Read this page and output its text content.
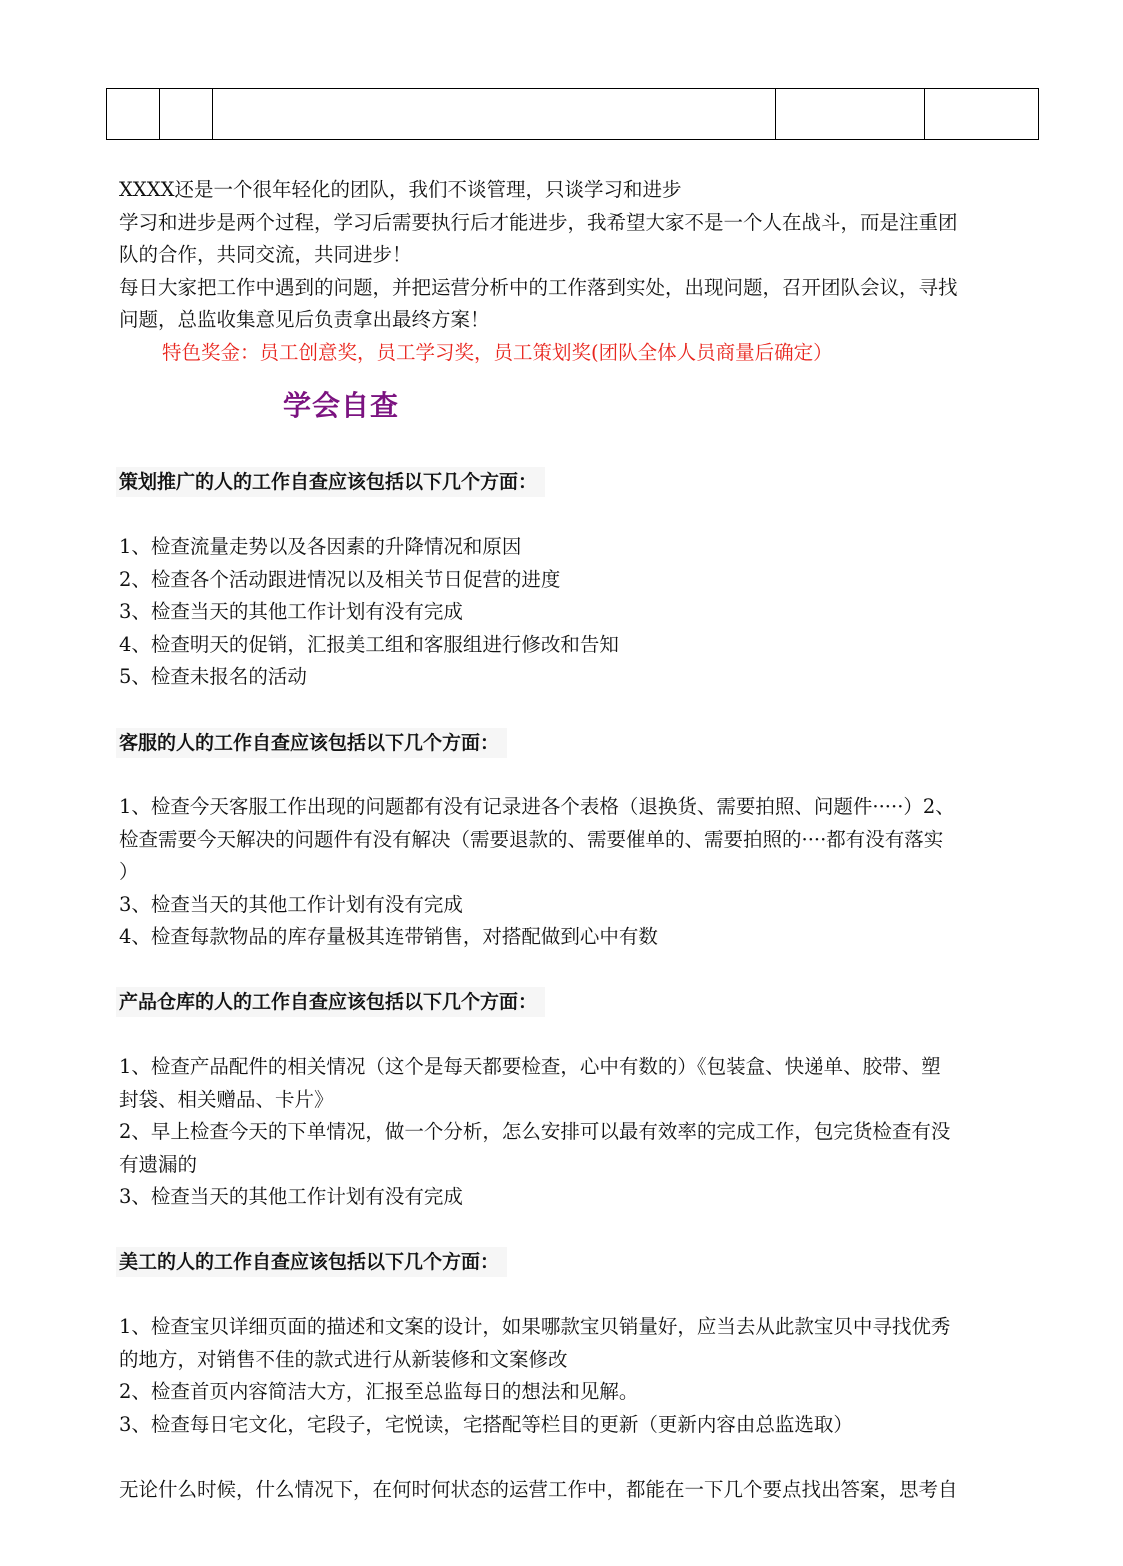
XXXX还是一个很年轻化的团队，我们不谈管理，只谈学习和进步
学习和进步是两个过程，学习后需要执行后才能进步，我希望大家不是一个人在战斗，而是注重团
队的合作，共同交流，共同进步！
每日大家把工作中遇到的问题，并把运营分析中的工作落到实处，出现问题，召开团队会议，寻找
问题，总监收集意见后负责拿出最终方案！
特色奖金：员工创意奖，员工学习奖，员工策划奖(团队全体人员商量后确定）
学会自查
策划推广的人的工作自查应该包括以下几个方面：
1、检查流量走势以及各因素的升降情况和原因
2、检查各个活动跟进情况以及相关节日促营的进度
3、检查当天的其他工作计划有没有完成
4、检查明天的促销，汇报美工组和客服组进行修改和告知
5、检查未报名的活动
客服的人的工作自查应该包括以下几个方面：
1、检查今天客服工作出现的问题都有没有记录进各个表格（退换货、需要拍照、问题件·····）2、
检查需要今天解决的问题件有没有解决（需要退款的、需要催单的、需要拍照的····都有没有落实
）
3、检查当天的其他工作计划有没有完成
4、检查每款物品的库存量极其连带销售，对搭配做到心中有数
产品仓库的人的工作自查应该包括以下几个方面：
1、检查产品配件的相关情况（这个是每天都要检查，心中有数的）《包装盒、快递单、胶带、塑
封袋、相关赠品、卡片》
2、早上检查今天的下单情况，做一个分析，怎么安排可以最有效率的完成工作，包完货检查有没
有遗漏的
3、检查当天的其他工作计划有没有完成
美工的人的工作自查应该包括以下几个方面：
1、检查宝贝详细页面的描述和文案的设计，如果哪款宝贝销量好，应当去从此款宝贝中寻找优秀
的地方，对销售不佳的款式进行从新装修和文案修改
2、检查首页内容简洁大方，汇报至总监每日的想法和见解。
3、检查每日宅文化，宅段子，宅悦读，宅搭配等栏目的更新（更新内容由总监选取）
无论什么时候，什么情况下，在何时何状态的运营工作中，都能在一下几个要点找出答案，思考自
